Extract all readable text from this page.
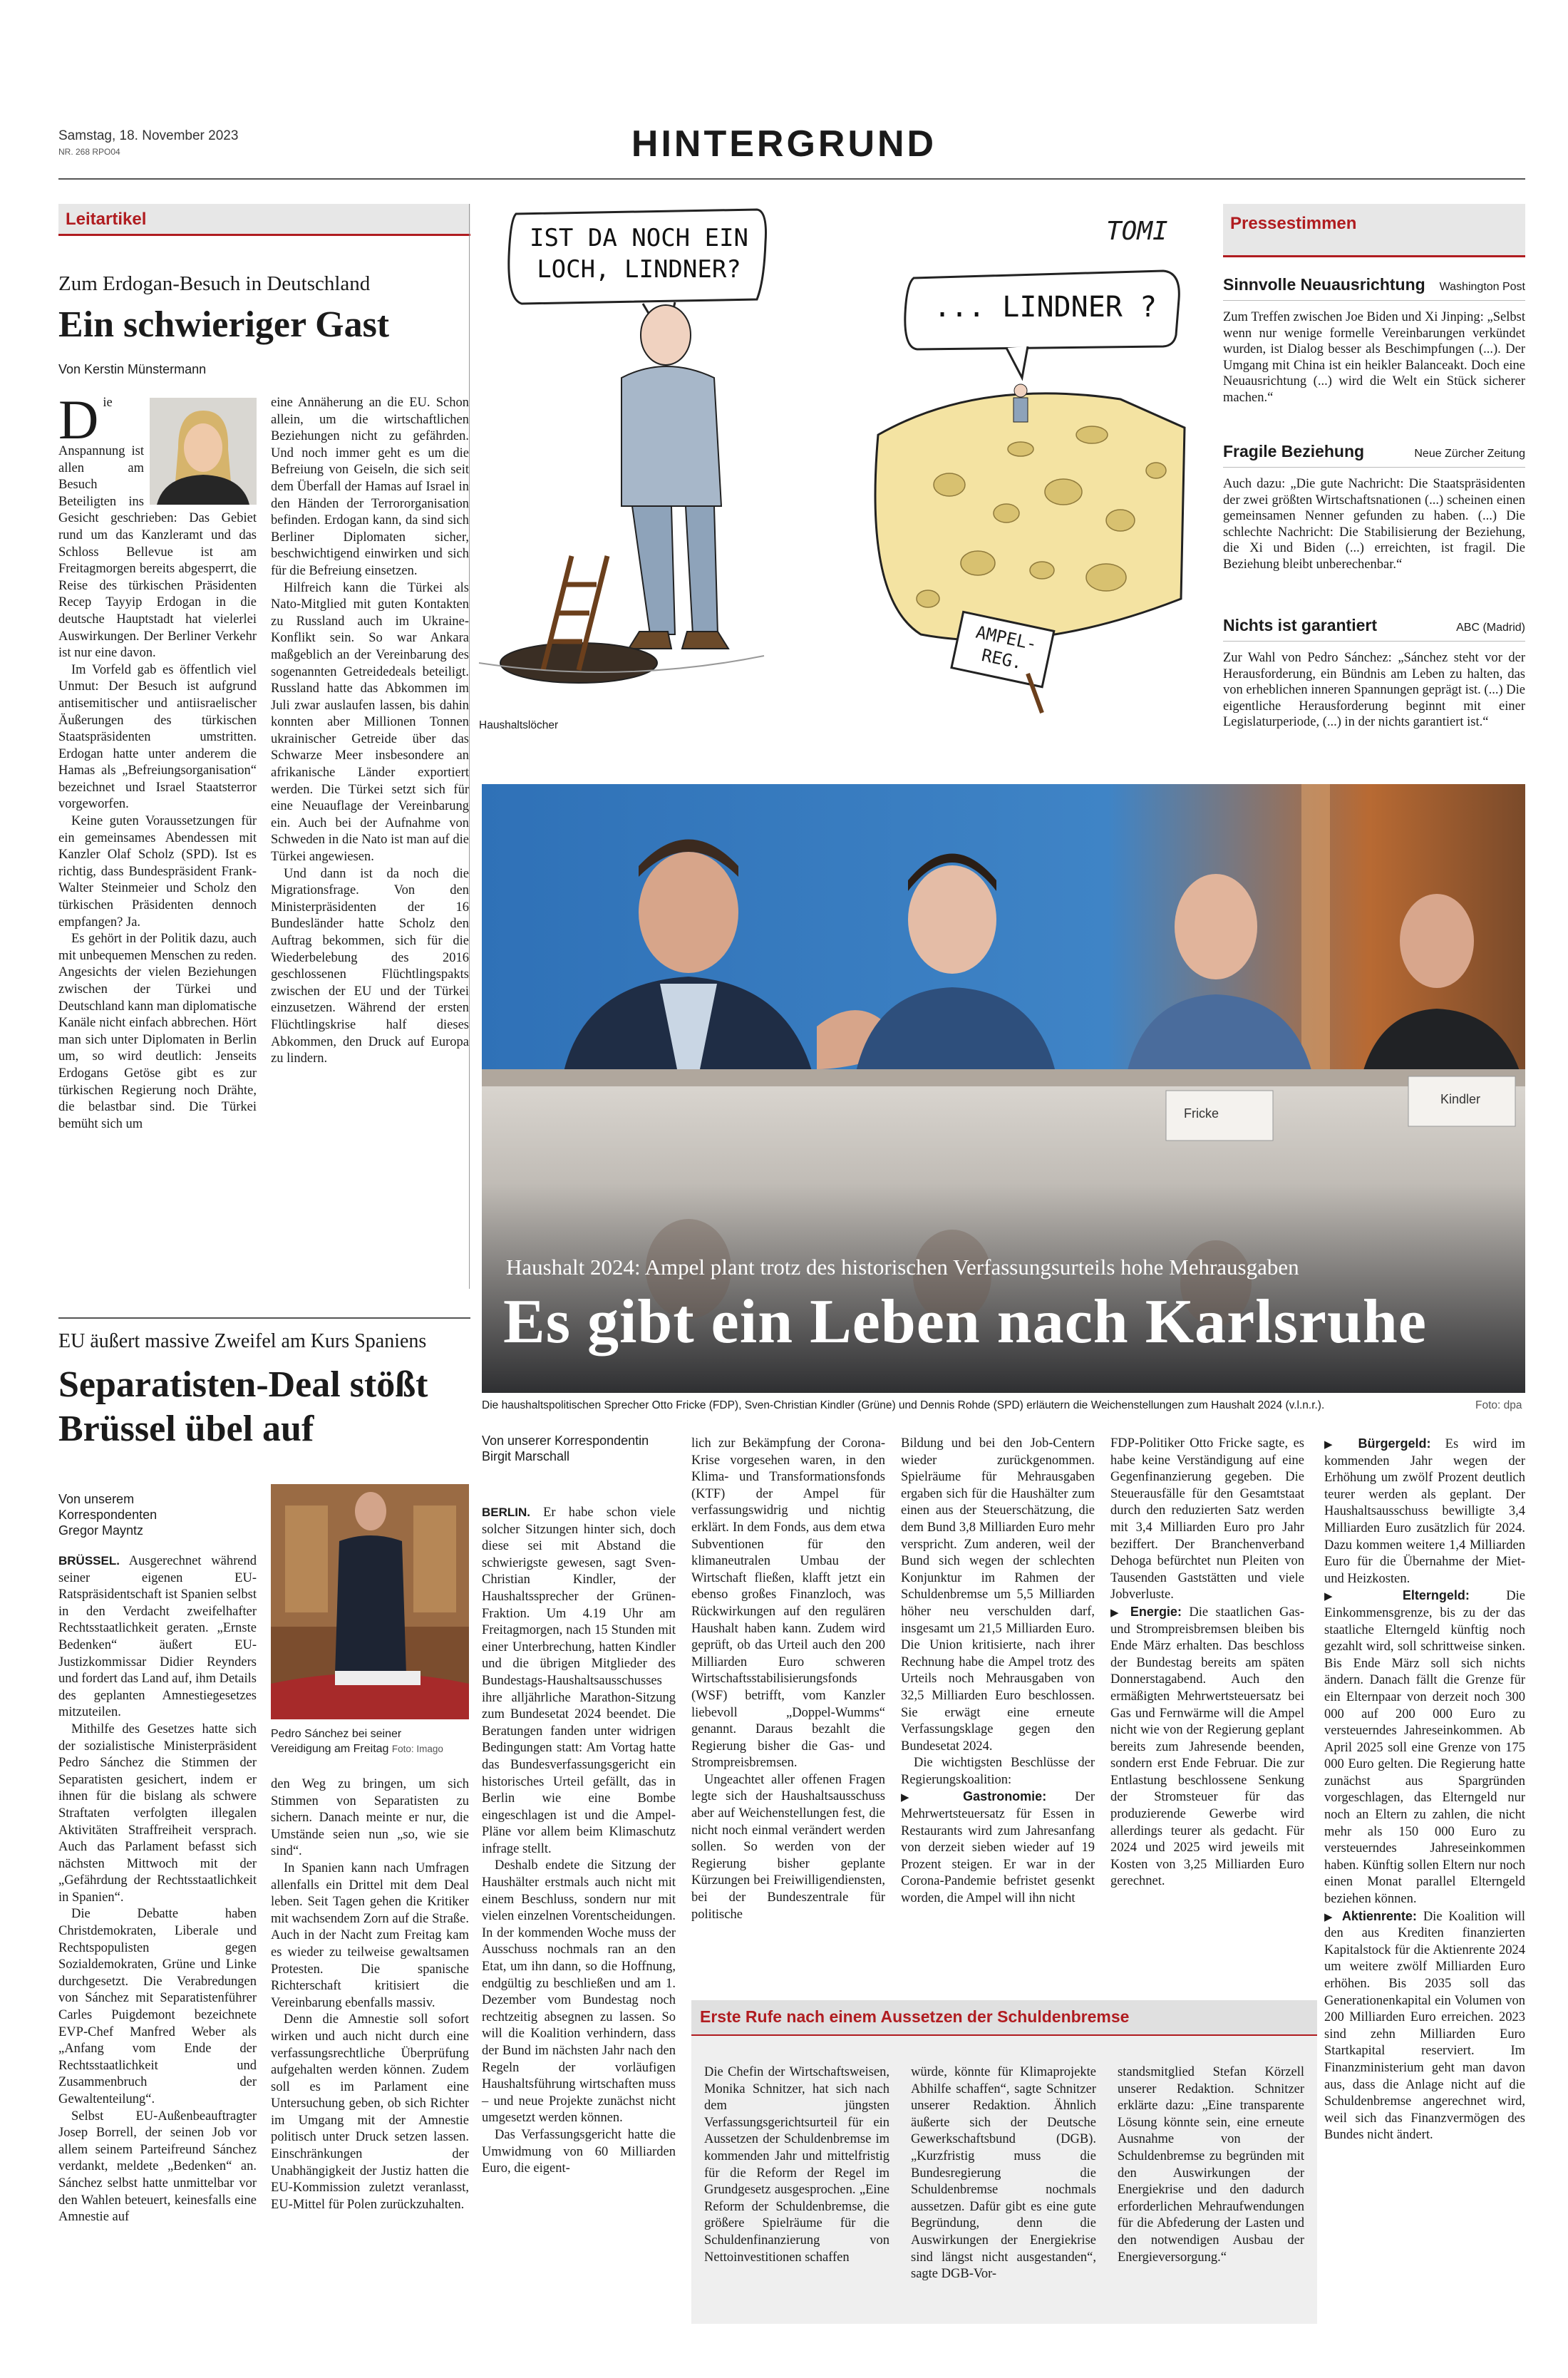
Samstag, 18. November 2023
NR. 268 RPO04	HINTERGRUND
Leitartikel
Zum Erdogan-Besuch in Deutschland
Ein schwieriger Gast
Von Kerstin Münstermann

Die Anspannung ist allen am Besuch Beteiligten ins Gesicht geschrieben: Das Gebiet rund um das Kanzleramt und das Schloss Bellevue ist am Freitagmorgen bereits abgesperrt, die Reise des türkischen Präsidenten Recep Tayyip Erdogan in die deutsche Hauptstadt hat vielerlei Auswirkungen. Der Berliner Verkehr ist nur eine davon.

Im Vorfeld gab es öffentlich viel Unmut: Der Besuch ist aufgrund antisemitischer und antiisraelischer Äußerungen des türkischen Staatspräsidenten umstritten. Erdogan hatte unter anderem die Hamas als „Befreiungsorganisation“ bezeichnet und Israel Staatsterror vorgeworfen.

Keine guten Voraussetzungen für ein gemeinsames Abendessen mit Kanzler Olaf Scholz (SPD). Ist es richtig, dass Bundespräsident Frank-Walter Steinmeier und Scholz den türkischen Präsidenten dennoch empfangen? Ja.

Es gehört in der Politik dazu, auch mit unbequemen Menschen zu reden. Angesichts der vielen Beziehungen zwischen der Türkei und Deutschland kann man diplomatische Kanäle nicht einfach abbrechen. Hört man sich unter Diplomaten in Berlin um, so wird deutlich: Jenseits Erdogans Getöse gibt es zur türkischen Regierung noch Drähte, die belastbar sind. Die Türkei bemüht sich um

eine Annäherung an die EU. Schon allein, um die wirtschaftlichen Beziehungen nicht zu gefährden. Und noch immer geht es um die Befreiung von Geiseln, die sich seit dem Überfall der Hamas auf Israel in den Händen der Terrororganisation befinden. Erdogan kann, da sind sich Berliner Diplomaten sicher, beschwichtigend einwirken und sich für die Befreiung einsetzen.

Hilfreich kann die Türkei als Nato-Mitglied mit guten Kontakten zu Russland auch im Ukraine-Konflikt sein. So war Ankara maßgeblich an der Vereinbarung des sogenannten Getreidedeals beteiligt. Russland hatte das Abkommen im Juli zwar auslaufen lassen, bis dahin konnten aber Millionen Tonnen ukrainischer Getreide über das Schwarze Meer insbesondere an afrikanische Länder exportiert werden. Die Türkei setzt sich für eine Neuauflage der Vereinbarung ein. Auch bei der Aufnahme von Schweden in die Nato ist man auf die Türkei angewiesen.

Und dann ist da noch die Migrationsfrage. Von den Ministerpräsidenten der 16 Bundesländer hatte Scholz den Auftrag bekommen, sich für die Wiederbelebung des 2016 geschlossenen Flüchtlingspakts zwischen der EU und der Türkei einzusetzen. Während der ersten Flüchtlingskrise half dieses Abkommen, den Druck auf Europa zu lindern.

IST DA NOCH EIN LOCH, LINDNER?
... LINDNER ?
AMPEL-REG.
TOMI
Haushaltslöcher
Pressestimmen
Sinnvolle Neuausrichtung Washington Post
Zum Treffen zwischen Joe Biden und Xi Jinping: „Selbst wenn nur wenige formelle Vereinbarungen verkündet wurden, ist Dialog besser als Beschimpfungen (...). Der Umgang mit China ist ein heikler Balanceakt. Doch eine Neuausrichtung (...) wird die Welt ein Stück sicherer machen.“
Fragile Beziehung	Neue Zürcher Zeitung
Auch dazu: „Die gute Nachricht: Die Staatspräsidenten der zwei größten Wirtschaftsnationen (...) scheinen einen gemeinsamen Nenner gefunden zu haben. (...) Die schlechte Nachricht: Die Stabilisierung der Beziehung, die Xi und Biden (...) erreichten, ist fragil. Die Beziehung bleibt unberechenbar.“
Nichts ist garantiert	ABC (Madrid)
Zur Wahl von Pedro Sánchez: „Sánchez steht vor der Herausforderung, ein Bündnis am Leben zu halten, das von erheblichen inneren Spannungen geprägt ist. (...) Die eigentliche Herausforderung beginnt mit einer Legislaturperiode, (...) in der nichts garantiert ist.“
Fricke
Kindler
Haushalt 2024: Ampel plant trotz des historischen Verfassungsurteils hohe Mehrausgaben
Es gibt ein Leben nach Karlsruhe
Die haushaltspolitischen Sprecher Otto Fricke (FDP), Sven-Christian Kindler (Grüne) und Dennis Rohde (SPD) erläutern die Weichenstellungen zum Haushalt 2024 (v.l.n.r.).	Foto: dpa
EU äußert massive Zweifel am Kurs Spaniens
Separatisten-Deal stößt Brüssel übel auf
Von unserem Korrespondenten Gregor Mayntz

BRÜSSEL. Ausgerechnet während seiner eigenen EU-Ratspräsidentschaft ist Spanien selbst in den Verdacht zweifelhafter Rechtsstaatlichkeit geraten. „Ernste Bedenken“ äußert EU-Justizkommissar Didier Reynders und fordert das Land auf, ihm Details des geplanten Amnestiegesetzes mitzuteilen.

Mithilfe des Gesetzes hatte sich der sozialistische Ministerpräsident Pedro Sánchez die Stimmen der Separatisten gesichert, indem er ihnen für die bislang als schwere Straftaten verfolgten illegalen Aktivitäten Straffreiheit versprach. Auch das Parlament befasst sich nächsten Mittwoch mit der „Gefährdung der Rechtsstaatlichkeit in Spanien“.

Die Debatte haben Christdemokraten, Liberale und Rechtspopulisten gegen Sozialdemokraten, Grüne und Linke durchgesetzt. Die Verabredungen von Sánchez mit Separatistenführer Carles Puigdemont bezeichnete EVP-Chef Manfred Weber als „Anfang vom Ende der Rechtsstaatlichkeit und Zusammenbruch der Gewaltenteilung“.

Selbst EU-Außenbeauftragter Josep Borrell, der seinen Job vor allem seinem Parteifreund Sánchez verdankt, meldete „Bedenken“ an. Sánchez selbst hatte unmittelbar vor den Wahlen beteuert, keinesfalls eine Amnestie auf

Pedro Sánchez bei seiner Vereidigung am Freitag Foto: Imago

den Weg zu bringen, um sich Stimmen von Separatisten zu sichern. Danach meinte er nur, die Umstände seien nun „so, wie sie sind“.

In Spanien kann nach Umfragen allenfalls ein Drittel mit dem Deal leben. Seit Tagen gehen die Kritiker mit wachsendem Zorn auf die Straße. Auch in der Nacht zum Freitag kam es wieder zu teilweise gewaltsamen Protesten. Die spanische Richterschaft kritisiert die Vereinbarung ebenfalls massiv.

Denn die Amnestie soll sofort wirken und auch nicht durch eine verfassungsrechtliche Überprüfung aufgehalten werden können. Zudem soll es im Parlament eine Untersuchung geben, ob sich Richter im Umgang mit der Amnestie politisch unter Druck setzen lassen. Einschränkungen der Unabhängigkeit der Justiz hatten die EU-Kommission zuletzt veranlasst, EU-Mittel für Polen zurückzuhalten.

Von unserer Korrespondentin Birgit Marschall

BERLIN. Er habe schon viele solcher Sitzungen hinter sich, doch diese sei mit Abstand die schwierigste gewesen, sagt Sven-Christian Kindler, der Haushaltssprecher der Grünen-Fraktion. Um 4.19 Uhr am Freitagmorgen, nach 15 Stunden mit einer Unterbrechung, hatten Kindler und die übrigen Mitglieder des Bundestags-Haushaltsausschusses ihre alljährliche Marathon-Sitzung zum Bundesetat 2024 beendet. Die Beratungen fanden unter widrigen Bedingungen statt: Am Vortag hatte das Bundesverfassungsgericht ein historisches Urteil gefällt, das in Berlin wie eine Bombe eingeschlagen ist und die Ampel-Pläne vor allem beim Klimaschutz infrage stellt.

Deshalb endete die Sitzung der Haushälter erstmals auch nicht mit einem Beschluss, sondern nur mit vielen einzelnen Vorentscheidungen. In der kommenden Woche muss der Ausschuss nochmals ran an den Etat, um ihn dann, so die Hoffnung, endgültig zu beschließen und am 1. Dezember vom Bundestag noch rechtzeitig absegnen zu lassen. So will die Koalition verhindern, dass der Bund im nächsten Jahr nach den Regeln der vorläufigen Haushaltsführung wirtschaften muss – und neue Projekte zunächst nicht umgesetzt werden können.

Das Verfassungsgericht hatte die Umwidmung von 60 Milliarden Euro, die eigent-

lich zur Bekämpfung der Corona-Krise vorgesehen waren, in den Klima- und Transformationsfonds (KTF) der Ampel für verfassungswidrig und nichtig erklärt. In dem Fonds, aus dem etwa Subventionen für den klimaneutralen Umbau der Wirtschaft fließen, klafft jetzt ein ebenso großes Finanzloch, was Rückwirkungen auf den regulären Haushalt haben kann. Zudem wird geprüft, ob das Urteil auch den 200 Milliarden Euro schweren Wirtschaftsstabilisierungsfonds (WSF) betrifft, vom Kanzler liebevoll „Doppel-Wumms“ genannt. Daraus bezahlt die Regierung bisher die Gas- und Strompreisbremsen.

Ungeachtet aller offenen Fragen legte sich der Haushaltsausschuss aber auf Weichenstellungen fest, die nicht noch einmal verändert werden sollen. So werden von der Regierung bisher geplante Kürzungen bei Freiwilligendiensten, bei der Bundeszentrale für politische

Bildung und bei den Job-Centern wieder zurückgenommen. Spielräume für Mehrausgaben ergaben sich für die Haushälter zum einen aus der Steuerschätzung, die dem Bund 3,8 Milliarden Euro mehr verspricht. Zum anderen, weil der Bund sich wegen der schlechten Konjunktur im Rahmen der Schuldenbremse um 5,5 Milliarden höher neu verschulden darf, insgesamt um 21,5 Milliarden Euro. Die Union kritisierte, nach ihrer Rechnung habe die Ampel trotz des Urteils noch Mehrausgaben von 32,5 Milliarden Euro beschlossen. Sie erwägt eine erneute Verfassungsklage gegen den Bundesetat 2024.

Die wichtigsten Beschlüsse der Regierungskoalition:

▶ Gastronomie: Der Mehrwertsteuersatz für Essen in Restaurants wird zum Jahresanfang von derzeit sieben wieder auf 19 Prozent steigen. Er war in der Corona-Pandemie befristet gesenkt worden, die Ampel will ihn nicht

FDP-Politiker Otto Fricke sagte, es habe keine Verständigung auf eine Gegenfinanzierung gegeben. Die Steuerausfälle für den Gesamtstaat durch den reduzierten Satz werden mit 3,4 Milliarden Euro pro Jahr beziffert. Der Branchenverband Dehoga befürchtet nun Pleiten von Tausenden Gaststätten und viele Jobverluste.

▶ Energie: Die staatlichen Gas- und Strompreisbremsen bleiben bis Ende März erhalten. Das beschloss der Bundestag bereits am späten Donnerstagabend. Auch den ermäßigten Mehrwertsteuersatz bei Gas und Fernwärme will die Ampel nicht wie von der Regierung geplant bereits zum Jahresende beenden, sondern erst Ende Februar. Die zur Entlastung beschlossene Senkung der Stromsteuer für das produzierende Gewerbe wird allerdings teurer als gedacht. Für 2024 und 2025 wird jeweils mit Kosten von 3,25 Milliarden Euro gerechnet.

▶ Bürgergeld: Es wird im kommenden Jahr wegen der Erhöhung um zwölf Prozent deutlich teurer werden als geplant. Der Haushaltsausschuss bewilligte 3,4 Milliarden Euro zusätzlich für 2024. Dazu kommen weitere 1,4 Milliarden Euro für die Übernahme der Miet- und Heizkosten.

▶ Elterngeld: Die Einkommensgrenze, bis zu der das staatliche Elterngeld künftig noch gezahlt wird, soll schrittweise sinken. Bis Ende März soll sich nichts ändern. Danach fällt die Grenze für ein Elternpaar von derzeit noch 300 000 auf 200 000 Euro zu versteuerndes Jahreseinkommen. Ab April 2025 soll eine Grenze von 175 000 Euro gelten. Die Regierung hatte zunächst aus Spargründen vorgeschlagen, das Elterngeld nur noch an Eltern zu zahlen, die nicht mehr als 150 000 Euro zu versteuerndes Jahreseinkommen haben. Künftig sollen Eltern nur noch einen Monat parallel Elterngeld beziehen können.

▶ Aktienrente: Die Koalition will den aus Krediten finanzierten Kapitalstock für die Aktienrente 2024 um weitere zwölf Milliarden Euro erhöhen. Bis 2035 soll das Generationenkapital ein Volumen von 200 Milliarden Euro erreichen. 2023 sind zehn Milliarden Euro Startkapital reserviert. Im Finanzministerium geht man davon aus, dass die Anlage nicht auf die Schuldenbremse angerechnet wird, weil sich das Finanzvermögen des Bundes nicht ändert.

Erste Rufe nach einem Aussetzen der Schuldenbremse

Die Chefin der Wirtschaftsweisen, Monika Schnitzer, hat sich nach dem jüngsten Verfassungsgerichtsurteil für ein Aussetzen der Schuldenbremse im kommenden Jahr und mittelfristig für die Reform der Regel im Grundgesetz ausgesprochen. „Eine Reform der Schuldenbremse, die größere Spielräume für die Schuldenfinanzierung von Nettoinvestitionen schaffen

würde, könnte für Klimaprojekte Abhilfe schaffen“, sagte Schnitzer unserer Redaktion. Ähnlich äußerte sich der Deutsche Gewerkschaftsbund (DGB). „Kurzfristig muss die Bundesregierung die Schuldenbremse nochmals aussetzen. Dafür gibt es eine gute Begründung, denn die Auswirkungen der Energiekrise sind längst nicht ausgestanden“, sagte DGB-Vor-

standsmitglied Stefan Körzell unserer Redaktion. Schnitzer erklärte dazu: „Eine transparente Lösung könnte sein, eine erneute Ausnahme von der Schuldenbremse zu begründen mit den Auswirkungen der Energiekrise und den dadurch erforderlichen Mehraufwendungen für die Abfederung der Lasten und den notwendigen Ausbau der Energieversorgung.“
